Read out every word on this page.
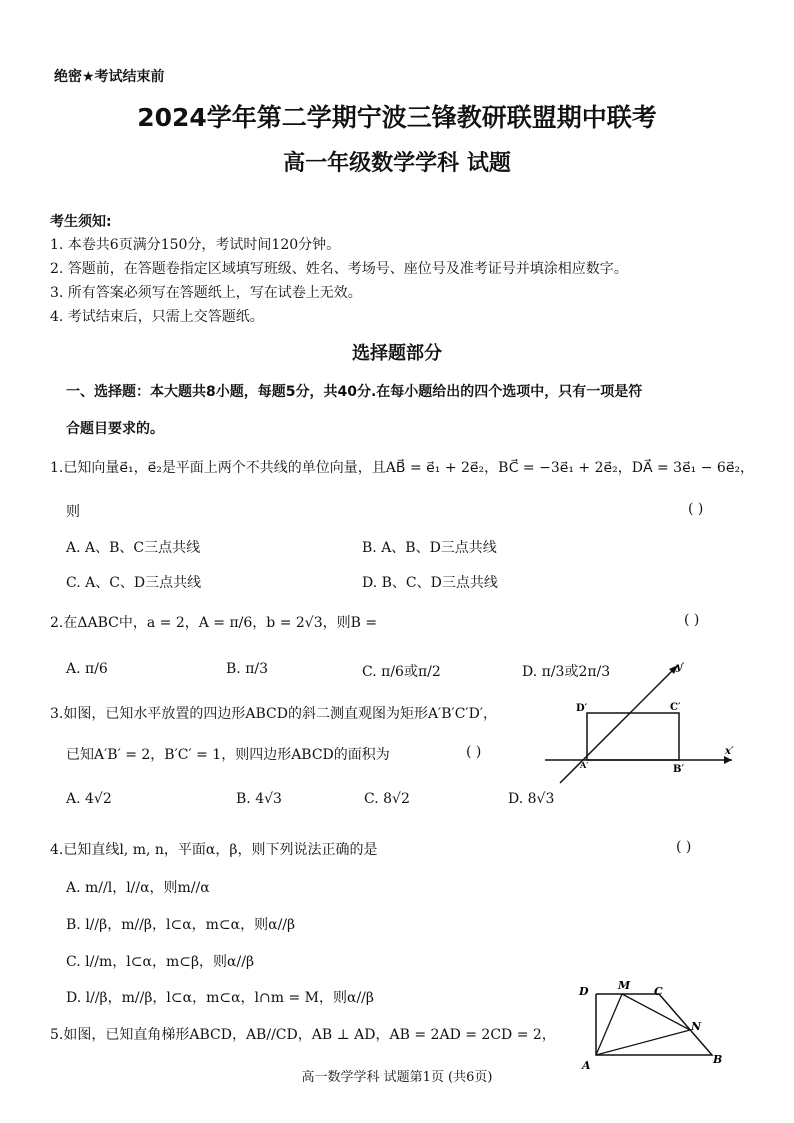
绝密★考试结束前
2024学年第二学期宁波三锋教研联盟期中联考
高一年级数学学科 试题
考生须知:
1. 本卷共6页满分150分，考试时间120分钟。
2. 答题前，在答题卷指定区域填写班级、姓名、考场号、座位号及准考证号并填涂相应数字。
3. 所有答案必须写在答题纸上，写在试卷上无效。
4. 考试结束后，只需上交答题纸。
选择题部分
一、选择题：本大题共8小题，每题5分，共40分.在每小题给出的四个选项中，只有一项是符
合题目要求的。
1.已知向量e⃗₁，e⃗₂是平面上两个不共线的单位向量，且AB⃗ = e⃗₁ + 2e⃗₂，BC⃗ = −3e⃗₁ + 2e⃗₂，DA⃗ = 3e⃗₁ − 6e⃗₂，
则	( )
A. A、B、C三点共线	B. A、B、D三点共线
C. A、C、D三点共线	D. B、C、D三点共线
2.在ΔABC中，a = 2，A = π/6，b = 2√3，则B =	( )
A. π/6	B. π/3	C. π/6或π/2	D. π/3或2π/3
3.如图，已知水平放置的四边形ABCD的斜二测直观图为矩形A′B′C′D′，
已知A′B′ = 2，B′C′ = 1，则四边形ABCD的面积为	( )
A. 4√2	B. 4√3	C. 8√2	D. 8√3
D′	C′
A′	B′
x′
y′
4.已知直线l, m, n，平面α，β，则下列说法正确的是	( )
A. m//l，l//α，则m//α
B. l//β，m//β，l⊂α，m⊂α，则α//β
C. l//m，l⊂α，m⊂β，则α//β
D. l//β，m//β，l⊂α，m⊂α，l∩m = M，则α//β
5.如图，已知直角梯形ABCD，AB//CD，AB ⊥ AD，AB = 2AD = 2CD = 2，
D	M C
N
A	B
高一数学学科 试题第1页 (共6页)
